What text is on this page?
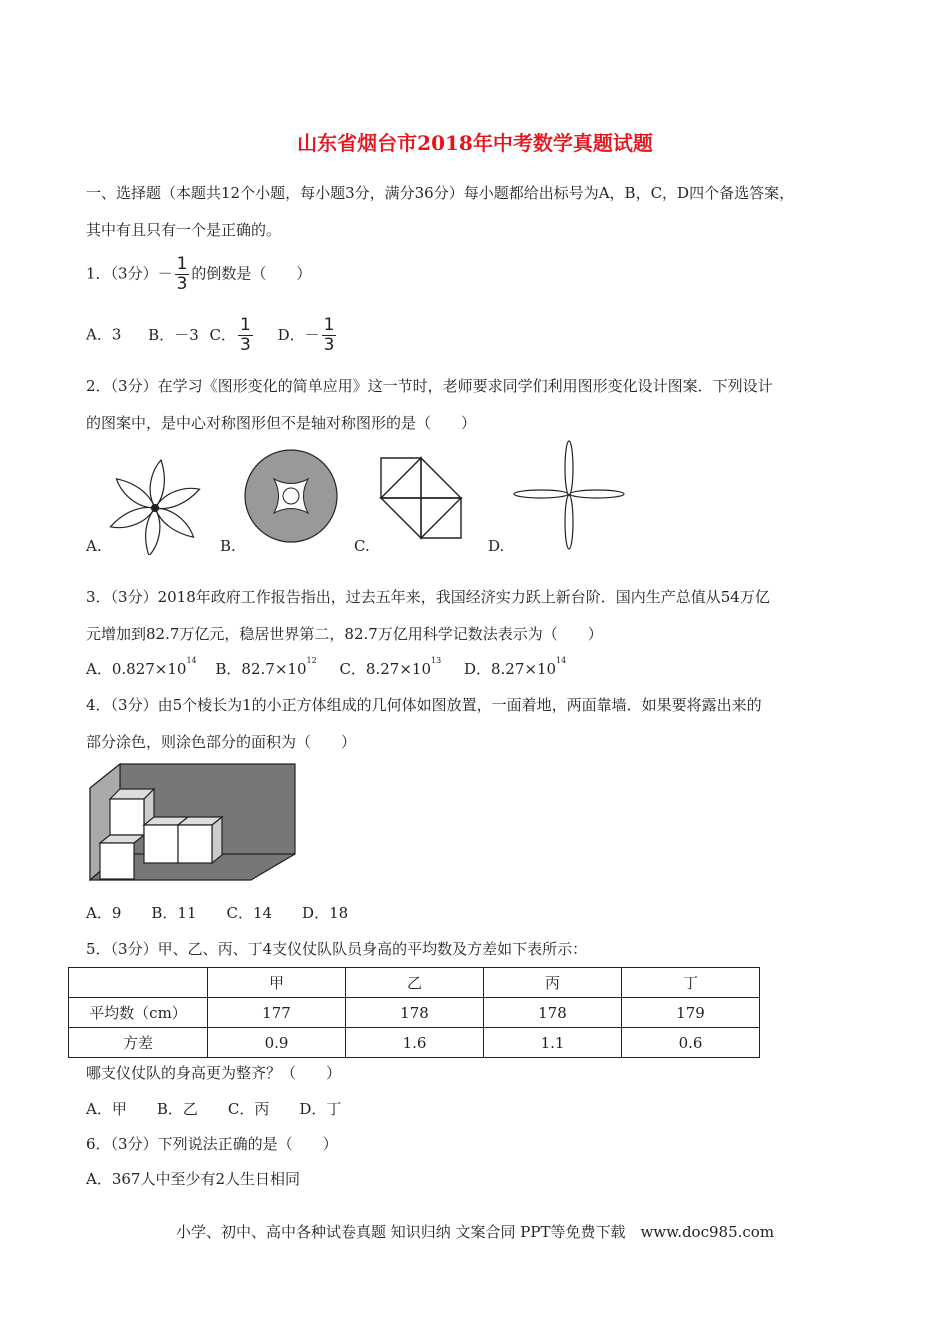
山东省烟台市2018年中考数学真题试题
一、选择题（本题共12个小题，每小题3分，满分36分）每小题都给出标号为A，B，C，D四个备选答案，
其中有且只有一个是正确的。
1．（3分）－ $\frac{1}{3}$ 的倒数是（　　）
A．3 B．－3 C． $\frac{1}{3}$ D．－ $\frac{1}{3}$
2．（3分）在学习《图形变化的简单应用》这一节时，老师要求同学们利用图形变化设计图案．下列设计
的图案中，是中心对称图形但不是轴对称图形的是（　　）
A.	B.	C.	D.
3．（3分）2018年政府工作报告指出，过去五年来，我国经济实力跃上新台阶．国内生产总值从54万亿
元增加到82.7万亿元，稳居世界第二，82.7万亿用科学记数法表示为（　　）
A．$0.827\times 10^{14}$ B．$82.7\times 10^{12}$ C．$8.27\times 10^{13}$ D．$8.27\times 10^{14}$
4．（3分）由5个棱长为1的小正方体组成的几何体如图放置，一面着地，两面靠墙．如果要将露出来的
部分涂色，则涂色部分的面积为（　　）
A．9　　B．11　　C．14　　D．18
5．（3分）甲、乙、丙、丁4支仪仗队队员身高的平均数及方差如下表所示：
	甲	乙	丙	丁
平均数（cm）	177	178	178	179
方差	0.9	1.6	1.1	0.6
哪支仪仗队的身高更为整齐？（　　）
A．甲　　B．乙　　C．丙　　D．丁
6．（3分）下列说法正确的是（　　）
A．367人中至少有2人生日相同
小学、初中、高中各种试卷真题 知识归纳 文案合同 PPT等免费下载　www.doc985.com
